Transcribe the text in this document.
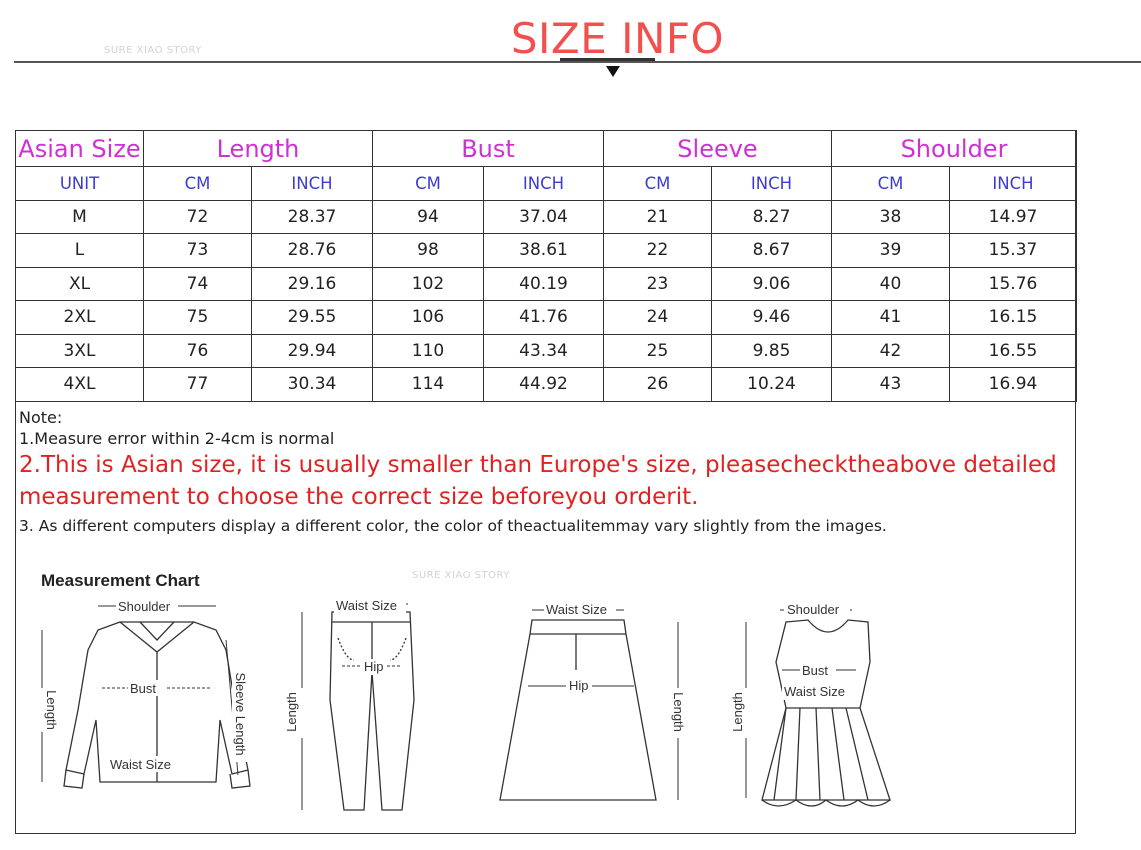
SURE XIAO STORY	SIZE INFO
Asian Size	Length		Bust		Sleeve		Shoulder	
UNIT	CM	INCH	CM	INCH	CM	INCH	CM	INCH
M	72	28.37	94	37.04	21	8.27	38	14.97
L	73	28.76	98	38.61	22	8.67	39	15.37
XL	74	29.16	102	40.19	23	9.06	40	15.76
2XL	75	29.55	106	41.76	24	9.46	41	16.15
3XL	76	29.94	110	43.34	25	9.85	42	16.55
4XL	77	30.34	114	44.92	26	10.24	43	16.94
Note:
1.Measure error within 2-4cm is normal
2.This is Asian size, it is usually smaller than Europe's size, pleasechecktheabove detailed measurement to choose the correct size beforeyou orderit.
3. As different computers display a different color, the color of theactualitemmay vary slightly from the images.
Measurement Chart	SURE XIAO STORY
Shoulder
Length
Bust	Sleeve Length
Waist Size
Waist Size
Length
Hip
Waist Size
Hip
Length
Shoulder
Bust
Waist Size
Length
